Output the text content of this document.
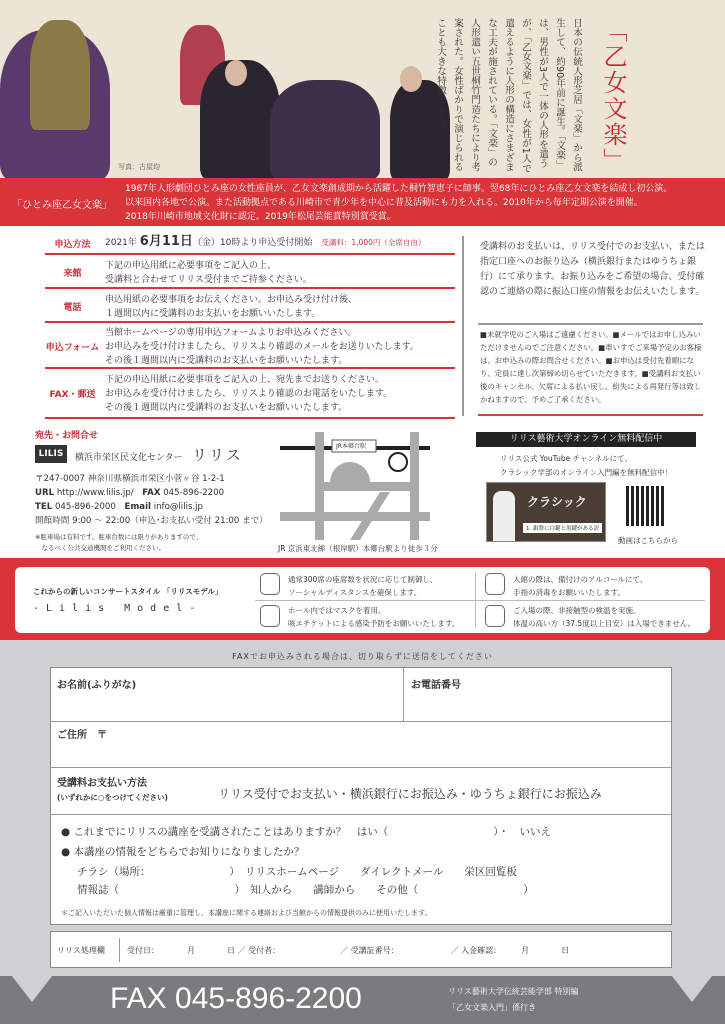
写真：古屋均	「乙女文楽」
日本の伝統人形芝居「文楽」から派生して、約90年前に誕生。「文楽」は、男性が3人で一体の人形を遣うが、「乙女文楽」では、女性が1人で遣えるように人形の構造にさまざまな工夫が施されている。「文楽」の人形遣い五世桐竹門造たちにより考案された。女性ばかりで演じられることも大きな特徴である。
「ひとみ座乙女文楽」
1967年人形劇団ひとみ座の女性座員が、乙女文楽創成期から活躍した桐竹智恵子に師事。翌68年にひとみ座乙女文楽を結成し初公演。
以来国内各地で公演。また活動拠点である川崎市で青少年を中心に普及活動にも力を入れる。2010年から毎年定期公演を開催。
2018年川崎市地域文化財に認定。2019年松尾芸能賞特別賞受賞。
申込方法	2021年 6月11日（金）10時より申込受付開始　 受講料：1,000円（全席自由）
来館
下記の申込用紙に必要事項をご記入の上、
受講料と合わせてリリス受付までご持参ください。
電話
申込用紙の必要事項をお伝えください。お申込み受け付け後、
１週間以内に受講料のお支払いをお願いいたします。
申込フォーム
当館ホームページの専用申込フォームよりお申込みください。
お申込みを受け付けましたら、リリスより確認のメールをお送りいたします。
その後１週間以内に受講料のお支払いをお願いいたします。
FAX・郵送
下記の申込用紙に必要事項をご記入の上、宛先までお送りください。
お申込みを受け付けましたら、リリスより確認のお電話をいたします。
その後１週間以内に受講料のお支払いをお願いいたします。
受講料のお支払いは、リリス受付でのお支払い、または指定口座へのお振り込み（横浜銀行またはゆうちょ銀行）にて承ります。お振り込みをご希望の場合、受付確認のご連絡の際に振込口座の情報をお伝えいたします。
■未就学児のご入場はご遠慮ください。■メールではお申し込みいただけませんのでご注意ください。■車いすでご来場予定のお客様は、お申込みの際お問合せください。■お申込は受付先着順になり、定員に達し次第締め切らせていただきます。■受講料お支払い後のキャンセル、欠席による払い戻し、紛失による再発行等は致しかねますので、予めご了承ください。
宛先・お問合せ
LILIS	横浜市栄区民文化センター リリス
〒247-0007 神奈川県横浜市栄区小菅ヶ谷 1-2-1
URL http://www.lilis.jp/　 FAX 045-896-2200
TEL 045-896-2000　 Email info@lilis.jp
開館時間 9:00 〜 22:00（申込･お支払い受付 21:00 まで）
※駐車場は有料です。駐車台数には限りがありますので、
　なるべく公共交通機関をご利用ください。
JR本郷台駅
JR 京浜東北線（根岸駅）本郷台駅より徒歩３分
リリス藝術大学オンライン無料配信中
リリス公式 YouTube チャンネルにて、
クラシック学部のオンライン入門編を無料配信中！
クラシック
1. 銀盤に白鍵と黒鍵がある訳
動画はこちらから
これからの新しいコンサートスタイル 「リリスモデル」
-Lilis Model-
通常300席の座席数を状況に応じて制御し、
ソーシャルディスタンスを確保します。
入館の際は、備付けのアルコールにて、
手指の消毒をお願いいたします。
ホール内ではマスクを着用。
咳エチケットによる感染予防をお願いいたします。
ご入場の際、非接触型の検温を実施。
体温の高い方（37.5度以上目安）は入場できません。
FAXでお申込みされる場合は、切り取らずに送信をしてください
お名前(ふりがな)	お電話番号
ご住所　〒
受講料お支払い方法
(いずれかに○をつけてください)	リリス受付でお支払い・横浜銀行にお振込み・ゆうちょ銀行にお振込み
● これまでにリリスの講座を受講されたことはありますか？　はい（　　　　　　　　　　）・　いいえ
● 本講座の情報をどちらでお知りになりましたか？
チラシ（場所：　　　　　　　　）　リリスホームページ　　ダイレクトメール　　栄区回覧板
情報誌（　　　　　　　　　　　）　知人から　　講師から　　その他（　　　　　　　　　　）
＊ご記入いただいた個人情報は厳重に管理し、本講座に関する連絡および当館からの情報提供のみに使用いたします。
リリス処理欄	受付日：　　　　月　　　　日 ／ 受付者：　　　　　　　　／ 受講証番号：　　　　　　　／ 入金確認：　　　月　　　　日
FAX 045-896-2200	リリス藝術大学伝統芸能学部 特別編
「乙女文楽入門」係行き
